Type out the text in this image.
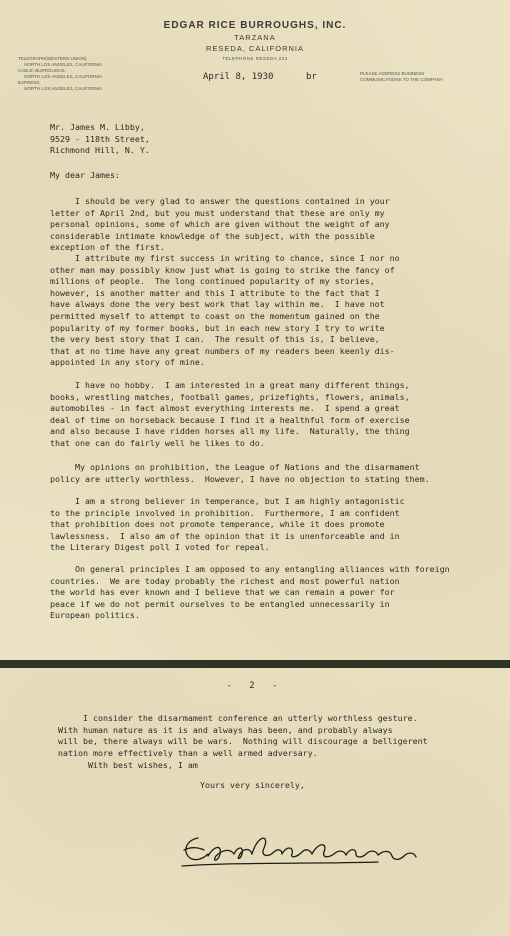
EDGAR RICE BURROUGHS, INC.
TARZANA
RESEDA, CALIFORNIA
TELEPHONE RESEDA 222
TELEGRAPH(WESTERN UNION)
NORTH LOS ANGELES, CALIFORNIA
CABLE: BURROUGHS,
NORTH LOS ANGELES, CALIFORNIA
EXPRESS:
NORTH LOS ANGELES, CALIFORNIA
PLEASE ADDRESS BUSINESS
COMMUNICATIONS TO THE COMPANY
April 8, 1930	br
Mr. James M. Libby,
9529 - 118th Street,
Richmond Hill, N. Y.
My dear James:
I should be very glad to answer the questions contained in your
letter of April 2nd, but you must understand that these are only my
personal opinions, some of which are given without the weight of any
considerable intimate knowledge of the subject, with the possible
exception of the first.
I attribute my first success in writing to chance, since I nor no
other man may possibly know just what is going to strike the fancy of
millions of people.  The long continued popularity of my stories,
however, is another matter and this I attribute to the fact that I
have always done the very best work that lay within me.  I have not
permitted myself to attempt to coast on the momentum gained on the
popularity of my former books, but in each new story I try to write
the very best story that I can.  The result of this is, I believe,
that at no time have any great numbers of my readers been keenly dis-
appointed in any story of mine.
I have no hobby.  I am interested in a great many different things,
books, wrestling matches, football games, prizefights, flowers, animals,
automobiles - in fact almost everything interests me.  I spend a great
deal of time on horseback because I find it a healthful form of exercise
and also because I have ridden horses all my life.  Naturally, the thing
that one can do fairly well he likes to do.
My opinions on prohibition, the League of Nations and the disarmament
policy are utterly worthless.  However, I have no objection to stating them.
I am a strong believer in temperance, but I am highly antagonistic
to the principle involved in prohibition.  Furthermore, I am confident
that prohibition does not promote temperance, while it does promote
lawlessness.  I also am of the opinion that it is unenforceable and in
the Literary Digest poll I voted for repeal.
On general principles I am opposed to any entangling alliances with foreign
countries.  We are today probably the richest and most powerful nation
the world has ever known and I believe that we can remain a power for
peace if we do not permit ourselves to be entangled unnecessarily in
European politics.
- 2 -
I consider the disarmament conference an utterly worthless gesture.
With human nature as it is and always has been, and probably always
will be, there always will be wars.  Nothing will discourage a belligerent
nation more effectively than a well armed adversary.
With best wishes, I am
Yours very sincerely,
